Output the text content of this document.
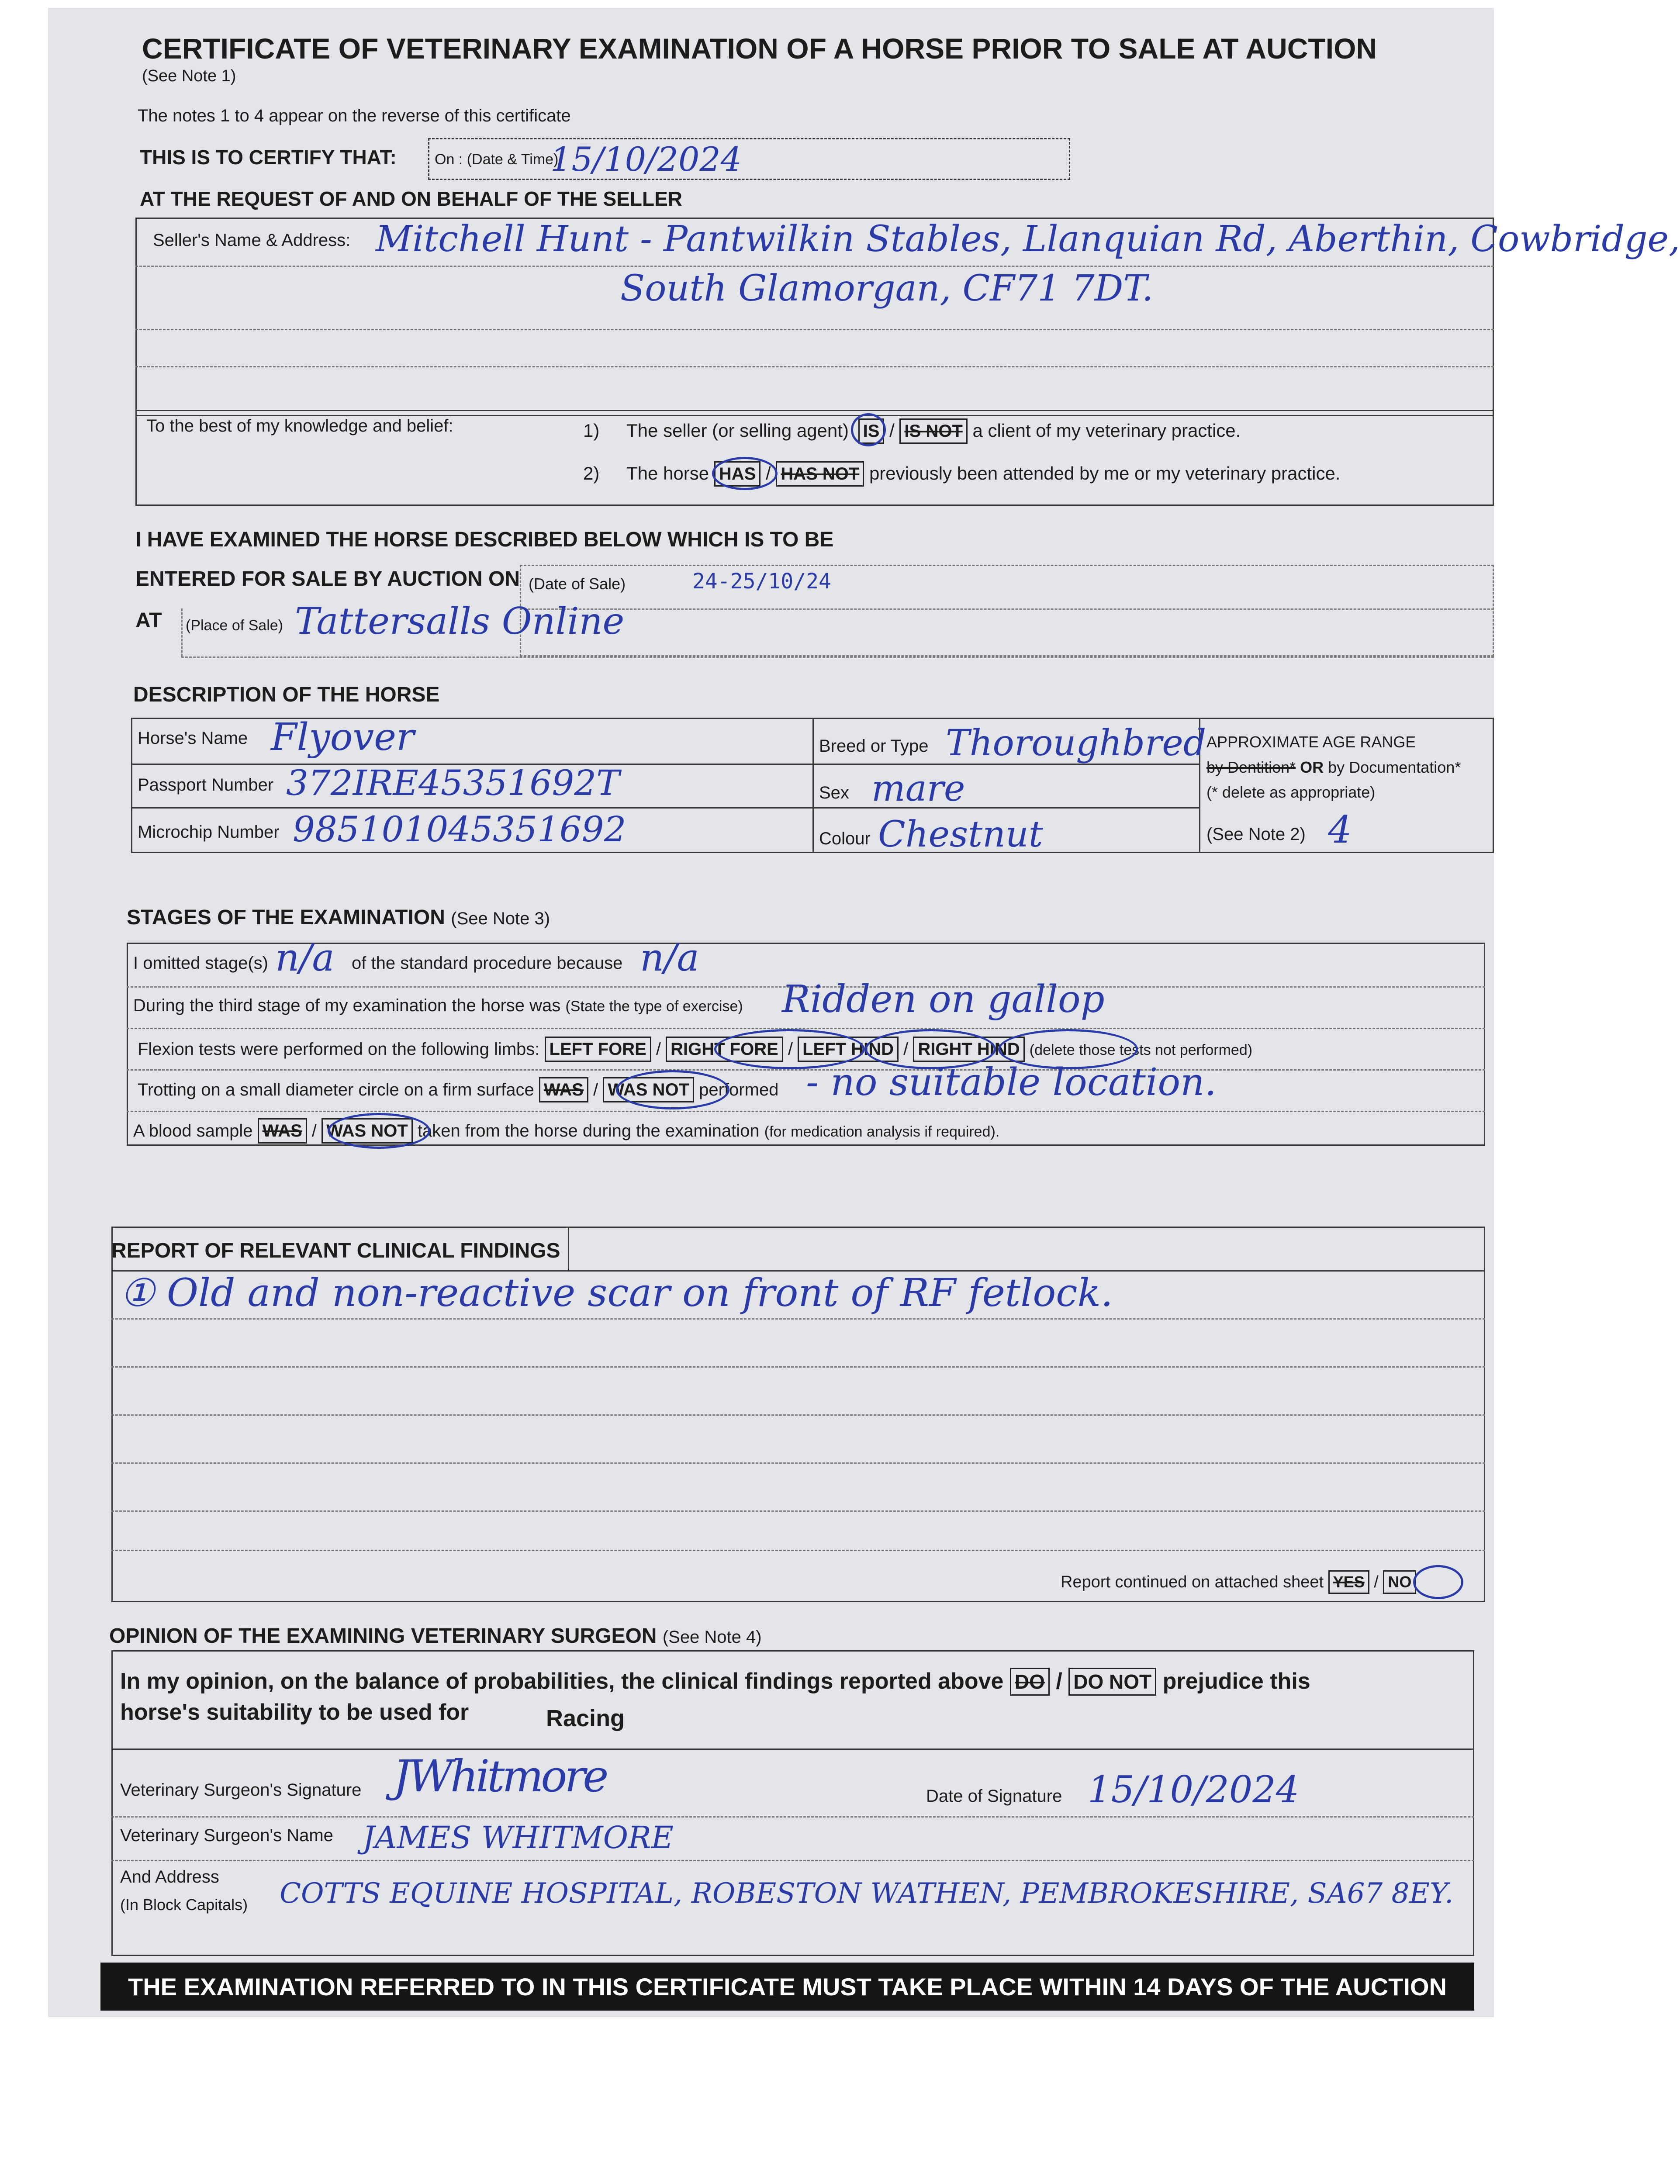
CERTIFICATE OF VETERINARY EXAMINATION OF A HORSE PRIOR TO SALE AT AUCTION
(See Note 1)
The notes 1 to 4 appear on the reverse of this certificate
THIS IS TO CERTIFY THAT:	On : (Date & Time)
15/10/2024
AT THE REQUEST OF AND ON BEHALF OF THE SELLER
Seller's Name & Address: Mitchell Hunt - Pantwilkin Stables, Llanquian Rd, Aberthin, Cowbridge,
South Glamorgan, CF71 7DT.
To the best of my knowledge and belief:	1) The seller (or selling agent) IS / IS NOT a client of my veterinary practice.
2) The horse HAS / HAS NOT previously been attended by me or my veterinary practice.
I HAVE EXAMINED THE HORSE DESCRIBED BELOW WHICH IS TO BE
ENTERED FOR SALE BY AUCTION ON (Date of Sale)	24-25/10/24
AT (Place of Sale) Tattersalls Online
DESCRIPTION OF THE HORSE
Horse's Name Flyover
Passport Number 372IRE45351692T
Microchip Number 985101045351692
Breed or Type Thoroughbred
Sex mare
Colour Chestnut
APPROXIMATE AGE RANGE
by Dentition* OR by Documentation*
(* delete as appropriate)
(See Note 2) 4
STAGES OF THE EXAMINATION (See Note 3)
I omitted stage(s) n/a of the standard procedure because n/a
During the third stage of my examination the horse was (State the type of exercise) Ridden on gallop
Flexion tests were performed on the following limbs: LEFT FORE / RIGHT FORE / LEFT HIND / RIGHT HIND (delete those tests not performed)
Trotting on a small diameter circle on a firm surface WAS / WAS NOT performed - no suitable location.
A blood sample WAS / WAS NOT taken from the horse during the examination (for medication analysis if required).
REPORT OF RELEVANT CLINICAL FINDINGS
① Old and non-reactive scar on front of RF fetlock.
Report continued on attached sheet YES / NO
OPINION OF THE EXAMINING VETERINARY SURGEON (See Note 4)
In my opinion, on the balance of probabilities, the clinical findings reported above DO / DO NOT prejudice this
horse's suitability to be used for	Racing
Veterinary Surgeon's Signature JWhitmore	Date of Signature 15/10/2024
Veterinary Surgeon's Name JAMES WHITMORE
And Address
(In Block Capitals) COTTS EQUINE HOSPITAL, ROBESTON WATHEN, PEMBROKESHIRE, SA67 8EY.
THE EXAMINATION REFERRED TO IN THIS CERTIFICATE MUST TAKE PLACE WITHIN 14 DAYS OF THE AUCTION
